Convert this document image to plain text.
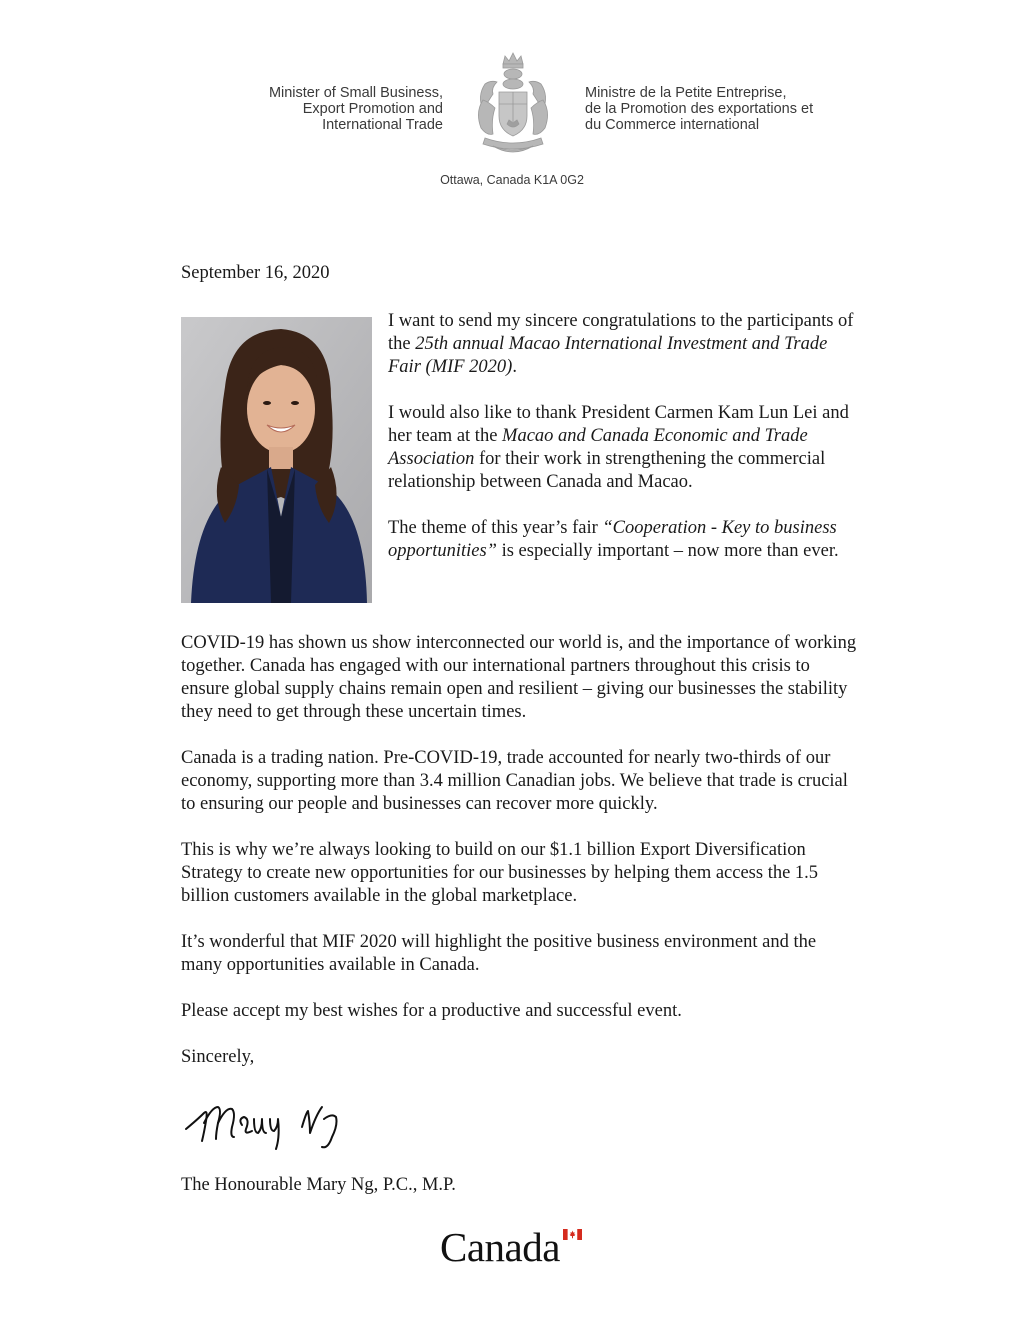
Minister of Small Business,
Export Promotion and
International Trade
Ministre de la Petite Entreprise,
de la Promotion des exportations et
du Commerce international
Ottawa, Canada K1A 0G2
September 16, 2020

I want to send my sincere congratulations to the participants of the 25th annual Macao International Investment and Trade Fair (MIF 2020).

I would also like to thank President Carmen Kam Lun Lei and her team at the Macao and Canada Economic and Trade Association for their work in strengthening the commercial relationship between Canada and Macao.

The theme of this year’s fair “Cooperation - Key to business opportunities” is especially important – now more than ever.

COVID-19 has shown us show interconnected our world is, and the importance of working together. Canada has engaged with our international partners throughout this crisis to ensure global supply chains remain open and resilient – giving our businesses the stability they need to get through these uncertain times.

Canada is a trading nation. Pre-COVID-19, trade accounted for nearly two-thirds of our economy, supporting more than 3.4 million Canadian jobs. We believe that trade is crucial to ensuring our people and businesses can recover more quickly.

This is why we’re always looking to build on our $1.1 billion Export Diversification Strategy to create new opportunities for our businesses by helping them access the 1.5 billion customers available in the global marketplace.

It’s wonderful that MIF 2020 will highlight the positive business environment and the many opportunities available in Canada.

Please accept my best wishes for a productive and successful event.

Sincerely,

The Honourable Mary Ng, P.C., M.P.
Canada
